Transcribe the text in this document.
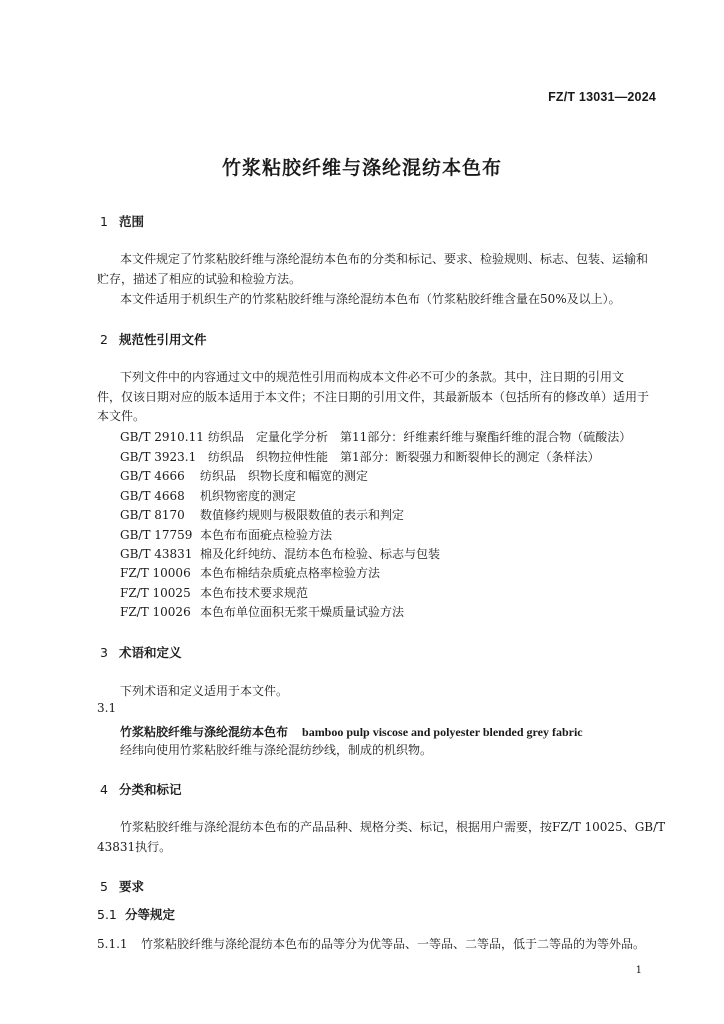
FZ/T 13031—2024
竹浆粘胶纤维与涤纶混纺本色布
1 范围
本文件规定了竹浆粘胶纤维与涤纶混纺本色布的分类和标记、要求、检验规则、标志、包装、运输和
贮存，描述了相应的试验和检验方法。
本文件适用于机织生产的竹浆粘胶纤维与涤纶混纺本色布（竹浆粘胶纤维含量在50%及以上）。
2 规范性引用文件
下列文件中的内容通过文中的规范性引用而构成本文件必不可少的条款。其中，注日期的引用文
件，仅该日期对应的版本适用于本文件；不注日期的引用文件，其最新版本（包括所有的修改单）适用于
本文件。
GB/T 2910.11 纺织品　定量化学分析　第11部分：纤维素纤维与聚酯纤维的混合物（硫酸法）
GB/T 3923.1 纺织品　织物拉伸性能　第1部分：断裂强力和断裂伸长的测定（条样法）
GB/T 4666 纺织品　织物长度和幅宽的测定
GB/T 4668 机织物密度的测定
GB/T 8170 数值修约规则与极限数值的表示和判定
GB/T 17759 本色布布面疵点检验方法
GB/T 43831 棉及化纤纯纺、混纺本色布检验、标志与包装
FZ/T 10006 本色布棉结杂质疵点格率检验方法
FZ/T 10025 本色布技术要求规范
FZ/T 10026 本色布单位面积无浆干燥质量试验方法
3 术语和定义
下列术语和定义适用于本文件。
3.1
竹浆粘胶纤维与涤纶混纺本色布 bamboo pulp viscose and polyester blended grey fabric
经纬向使用竹浆粘胶纤维与涤纶混纺纱线，制成的机织物。
4 分类和标记
竹浆粘胶纤维与涤纶混纺本色布的产品品种、规格分类、标记，根据用户需要，按FZ/T 10025、GB/T
43831执行。
5 要求
5.1 分等规定
5.1.1 竹浆粘胶纤维与涤纶混纺本色布的品等分为优等品、一等品、二等品，低于二等品的为等外品。
1
